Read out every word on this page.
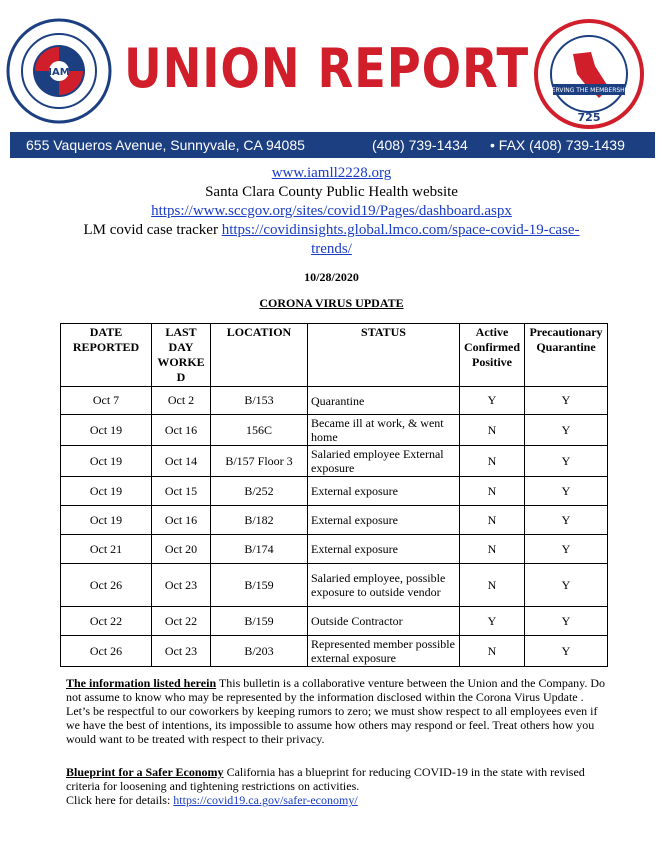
IAM UNION REPORT	SERVING THE MEMBERSHIP
725
655 Vaqueros Avenue, Sunnyvale, CA 94085	(408) 739-1434 • FAX (408) 739-1439
www.iamll2228.org
Santa Clara County Public Health website
https://www.sccgov.org/sites/covid19/Pages/dashboard.aspx
LM covid case tracker https://covidinsights.global.lmco.com/space-covid-19-case-
trends/
10/28/2020
CORONA VIRUS UPDATE
DATE REPORTED	LAST DAY WORKE D	LOCATION	STATUS	Active Confirmed Positive	Precautionary Quarantine
Oct 7	Oct 2	B/153	Quarantine	Y	Y
Oct 19	Oct 16	156C	Became ill at work, & went home	N	Y
Oct 19	Oct 14	B/157 Floor 3	Salaried employee External exposure	N	Y
Oct 19	Oct 15	B/252	External exposure	N	Y
Oct 19	Oct 16	B/182	External exposure	N	Y
Oct 21	Oct 20	B/174	External exposure	N	Y
Oct 26	Oct 23	B/159	Salaried employee, possible exposure to outside vendor	N	Y
Oct 22	Oct 22	B/159	Outside Contractor	Y	Y
Oct 26	Oct 23	B/203	Represented member possible external exposure	N	Y
The information listed herein This bulletin is a collaborative venture between the Union and the Company. Do not assume to know who may be represented by the information disclosed within the Corona Virus Update . Let’s be respectful to our coworkers by keeping rumors to zero; we must show respect to all employees even if we have the best of intentions, its impossible to assume how others may respond or feel. Treat others how you would want to be treated with respect to their privacy.
Blueprint for a Safer Economy California has a blueprint for reducing COVID-19 in the state with revised criteria for loosening and tightening restrictions on activities.
Click here for details: https://covid19.ca.gov/safer-economy/
